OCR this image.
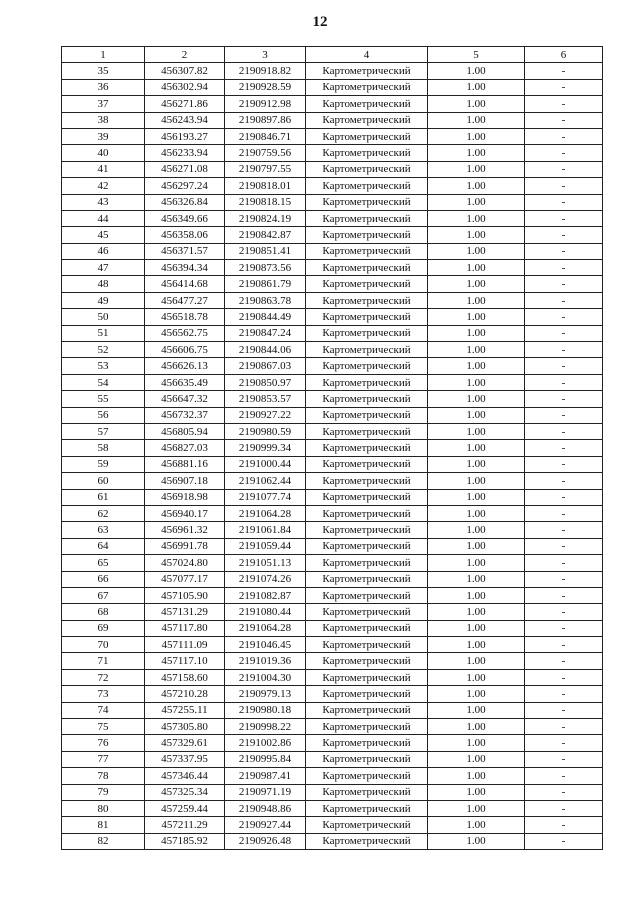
12
1	2	3	4	5	6
35	456307.82	2190918.82	Картометрический	1.00	-
36	456302.94	2190928.59	Картометрический	1.00	-
37	456271.86	2190912.98	Картометрический	1.00	-
38	456243.94	2190897.86	Картометрический	1.00	-
39	456193.27	2190846.71	Картометрический	1.00	-
40	456233.94	2190759.56	Картометрический	1.00	-
41	456271.08	2190797.55	Картометрический	1.00	-
42	456297.24	2190818.01	Картометрический	1.00	-
43	456326.84	2190818.15	Картометрический	1.00	-
44	456349.66	2190824.19	Картометрический	1.00	-
45	456358.06	2190842.87	Картометрический	1.00	-
46	456371.57	2190851.41	Картометрический	1.00	-
47	456394.34	2190873.56	Картометрический	1.00	-
48	456414.68	2190861.79	Картометрический	1.00	-
49	456477.27	2190863.78	Картометрический	1.00	-
50	456518.78	2190844.49	Картометрический	1.00	-
51	456562.75	2190847.24	Картометрический	1.00	-
52	456606.75	2190844.06	Картометрический	1.00	-
53	456626.13	2190867.03	Картометрический	1.00	-
54	456635.49	2190850.97	Картометрический	1.00	-
55	456647.32	2190853.57	Картометрический	1.00	-
56	456732.37	2190927.22	Картометрический	1.00	-
57	456805.94	2190980.59	Картометрический	1.00	-
58	456827.03	2190999.34	Картометрический	1.00	-
59	456881.16	2191000.44	Картометрический	1.00	-
60	456907.18	2191062.44	Картометрический	1.00	-
61	456918.98	2191077.74	Картометрический	1.00	-
62	456940.17	2191064.28	Картометрический	1.00	-
63	456961.32	2191061.84	Картометрический	1.00	-
64	456991.78	2191059.44	Картометрический	1.00	-
65	457024.80	2191051.13	Картометрический	1.00	-
66	457077.17	2191074.26	Картометрический	1.00	-
67	457105.90	2191082.87	Картометрический	1.00	-
68	457131.29	2191080.44	Картометрический	1.00	-
69	457117.80	2191064.28	Картометрический	1.00	-
70	457111.09	2191046.45	Картометрический	1.00	-
71	457117.10	2191019.36	Картометрический	1.00	-
72	457158.60	2191004.30	Картометрический	1.00	-
73	457210.28	2190979.13	Картометрический	1.00	-
74	457255.11	2190980.18	Картометрический	1.00	-
75	457305.80	2190998.22	Картометрический	1.00	-
76	457329.61	2191002.86	Картометрический	1.00	-
77	457337.95	2190995.84	Картометрический	1.00	-
78	457346.44	2190987.41	Картометрический	1.00	-
79	457325.34	2190971.19	Картометрический	1.00	-
80	457259.44	2190948.86	Картометрический	1.00	-
81	457211.29	2190927.44	Картометрический	1.00	-
82	457185.92	2190926.48	Картометрический	1.00	-
